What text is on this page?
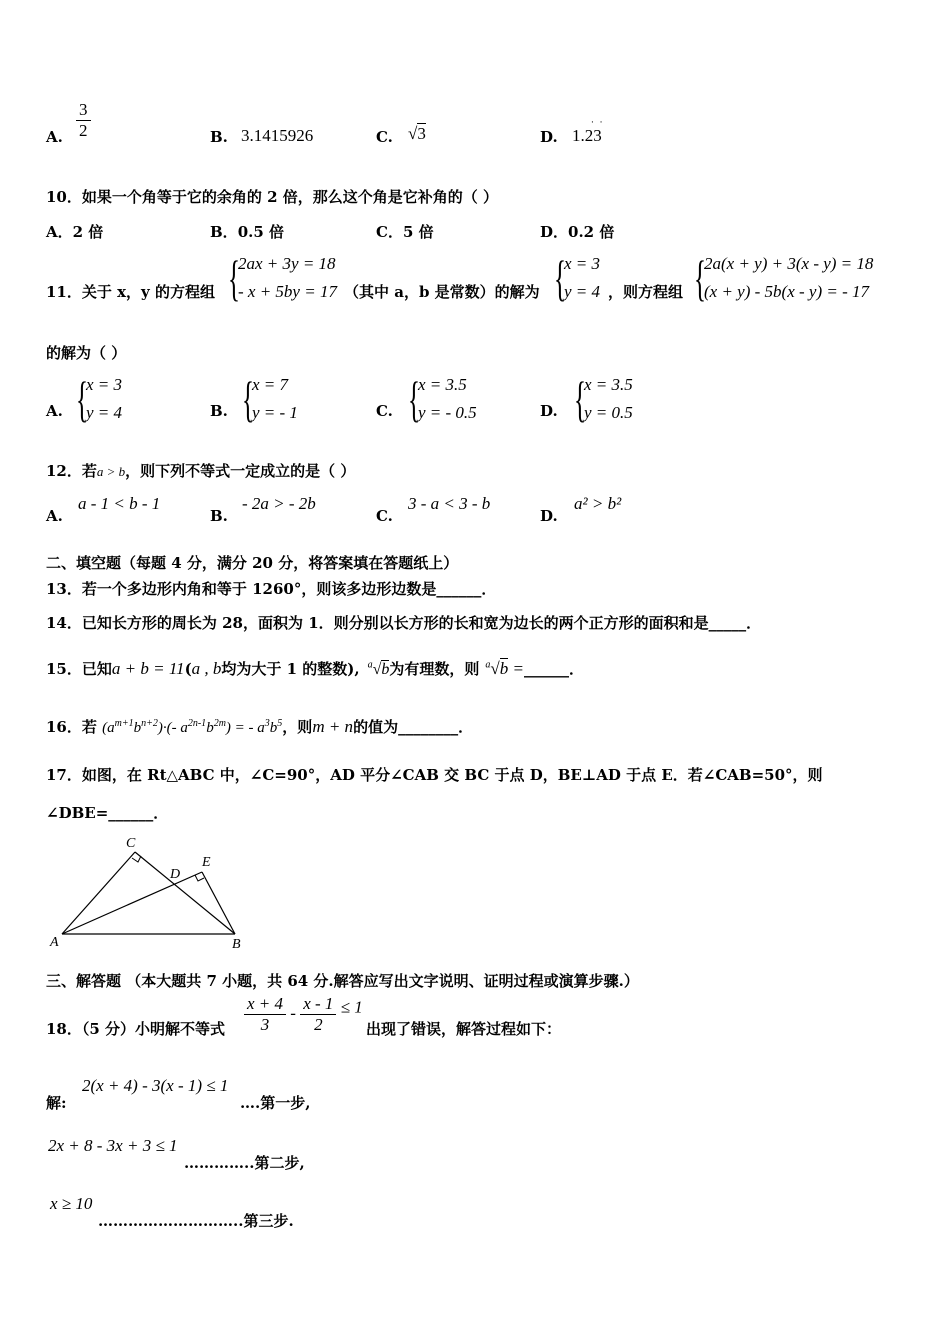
A. $\frac{3}{2}$	B. 3.1415926	C. √3	D. 1.23
·  ·
10．如果一个角等于它的余角的 2 倍，那么这个角是它补角的（ ）
A．2 倍	B．0.5 倍	C．5 倍	D．0.2 倍
11．关于 x，y 的方程组 {
2ax + 3y = 18
- x + 5by = 17 （其中 a，b 是常数）的解为 {
x = 3
y = 4 ，则方程组 {
2a(x + y) + 3(x - y) = 18
(x + y) - 5b(x - y) = - 17
的解为（ ）
A. {
x = 3
y = 4	B. {
x = 7
y = - 1	C. {
x = 3.5
y = - 0.5	D. {
x = 3.5
y = 0.5
12．若a > b，则下列不等式一定成立的是（ ）
A.
a - 1 < b - 1
B.
- 2a > - 2b
C.
3 - a < 3 - b
D.
a² > b²
二、填空题（每题 4 分，满分 20 分，将答案填在答题纸上）
13．若一个多边形内角和等于 1260°，则该多边形边数是______．
14．已知长方形的周长为 28，面积为 1．则分别以长方形的长和宽为边长的两个正方形的面积和是_____．
15．已知a + b = 11(a , b均为大于 1 的整数), $^a$√b为有理数，则 $^a$√b =______．
16．若 $(a^{m+1}b^{n+2})\cdot(-$ $a^{2n-1}b^{2m}$) = - $a^3b^5$，则m + n的值为________．
17．如图，在 Rt△ABC 中，∠C=90°，AD 平分∠CAB 交 BC 于点 D，BE⊥AD 于点 E．若∠CAB=50°，则
∠DBE=______．
A	B
C
D
E
三、解答题 （本大题共 7 小题，共 64 分.解答应写出文字说明、证明过程或演算步骤.）
18．（5 分）小明解不等式 $\frac{x + 4}{3} - \frac{x - 1}{2} \le 1$
出现了错误，解答过程如下：
解:
2(x + 4) - 3(x - 1) ≤ 1
….第一步,
2x + 8 - 3x + 3 ≤ 1
…………..第二步,
x ≥ 10
………………………..第三步.
